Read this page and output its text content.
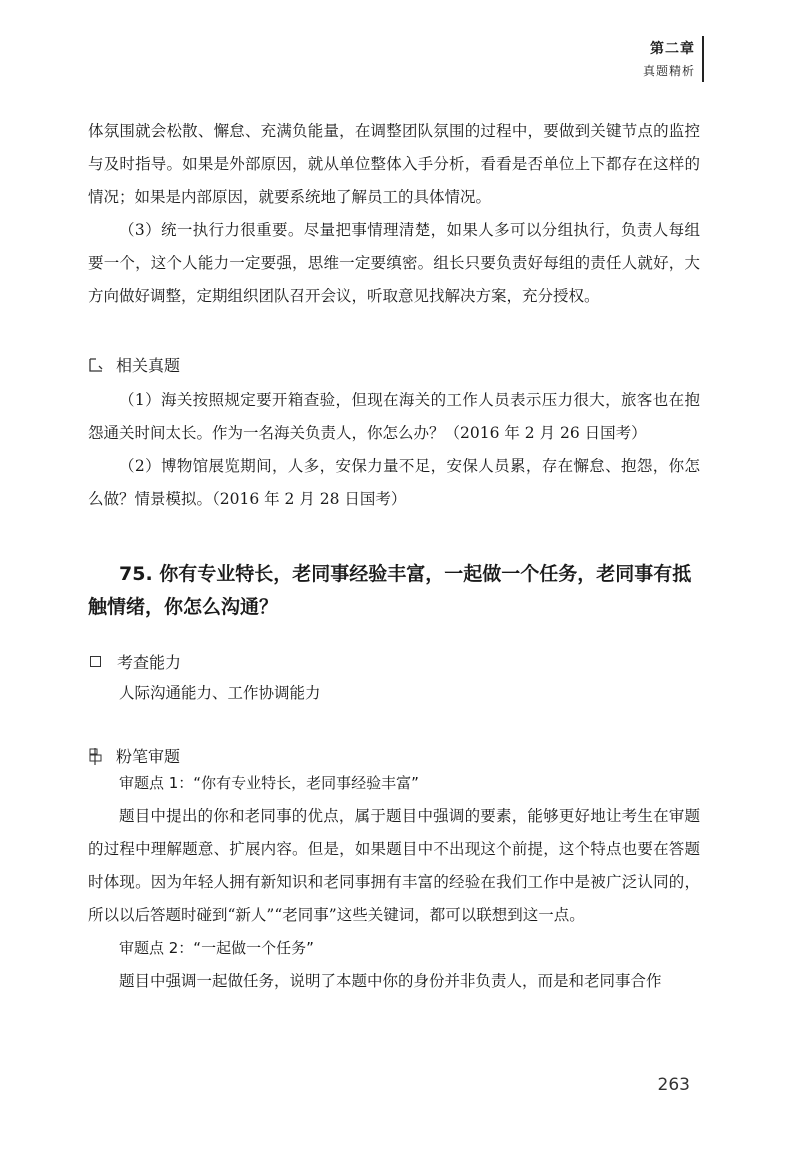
第二章
真题精析

体氛围就会松散、懈怠、充满负能量，在调整团队氛围的过程中，要做到关键节点的监控与及时指导。如果是外部原因，就从单位整体入手分析，看看是否单位上下都存在这样的情况；如果是内部原因，就要系统地了解员工的具体情况。

（3）统一执行力很重要。尽量把事情理清楚，如果人多可以分组执行，负责人每组要一个，这个人能力一定要强，思维一定要缜密。组长只要负责好每组的责任人就好，大方向做好调整，定期组织团队召开会议，听取意见找解决方案，充分授权。

相关真题

（1）海关按照规定要开箱查验，但现在海关的工作人员表示压力很大，旅客也在抱怨通关时间太长。作为一名海关负责人，你怎么办？（2016 年 2 月 26 日国考）

（2）博物馆展览期间，人多，安保力量不足，安保人员累，存在懈怠、抱怨，你怎么做？情景模拟。（2016 年 2 月 28 日国考）

75. 你有专业特长，老同事经验丰富，一起做一个任务，老同事有抵触情绪，你怎么沟通？

考查能力

人际沟通能力、工作协调能力

粉笔审题

审题点 1：“你有专业特长，老同事经验丰富”

题目中提出的你和老同事的优点，属于题目中强调的要素，能够更好地让考生在审题的过程中理解题意、扩展内容。但是，如果题目中不出现这个前提，这个特点也要在答题时体现。因为年轻人拥有新知识和老同事拥有丰富的经验在我们工作中是被广泛认同的，所以以后答题时碰到“新人”“老同事”这些关键词，都可以联想到这一点。

审题点 2：“一起做一个任务”

题目中强调一起做任务，说明了本题中你的身份并非负责人，而是和老同事合作

263
